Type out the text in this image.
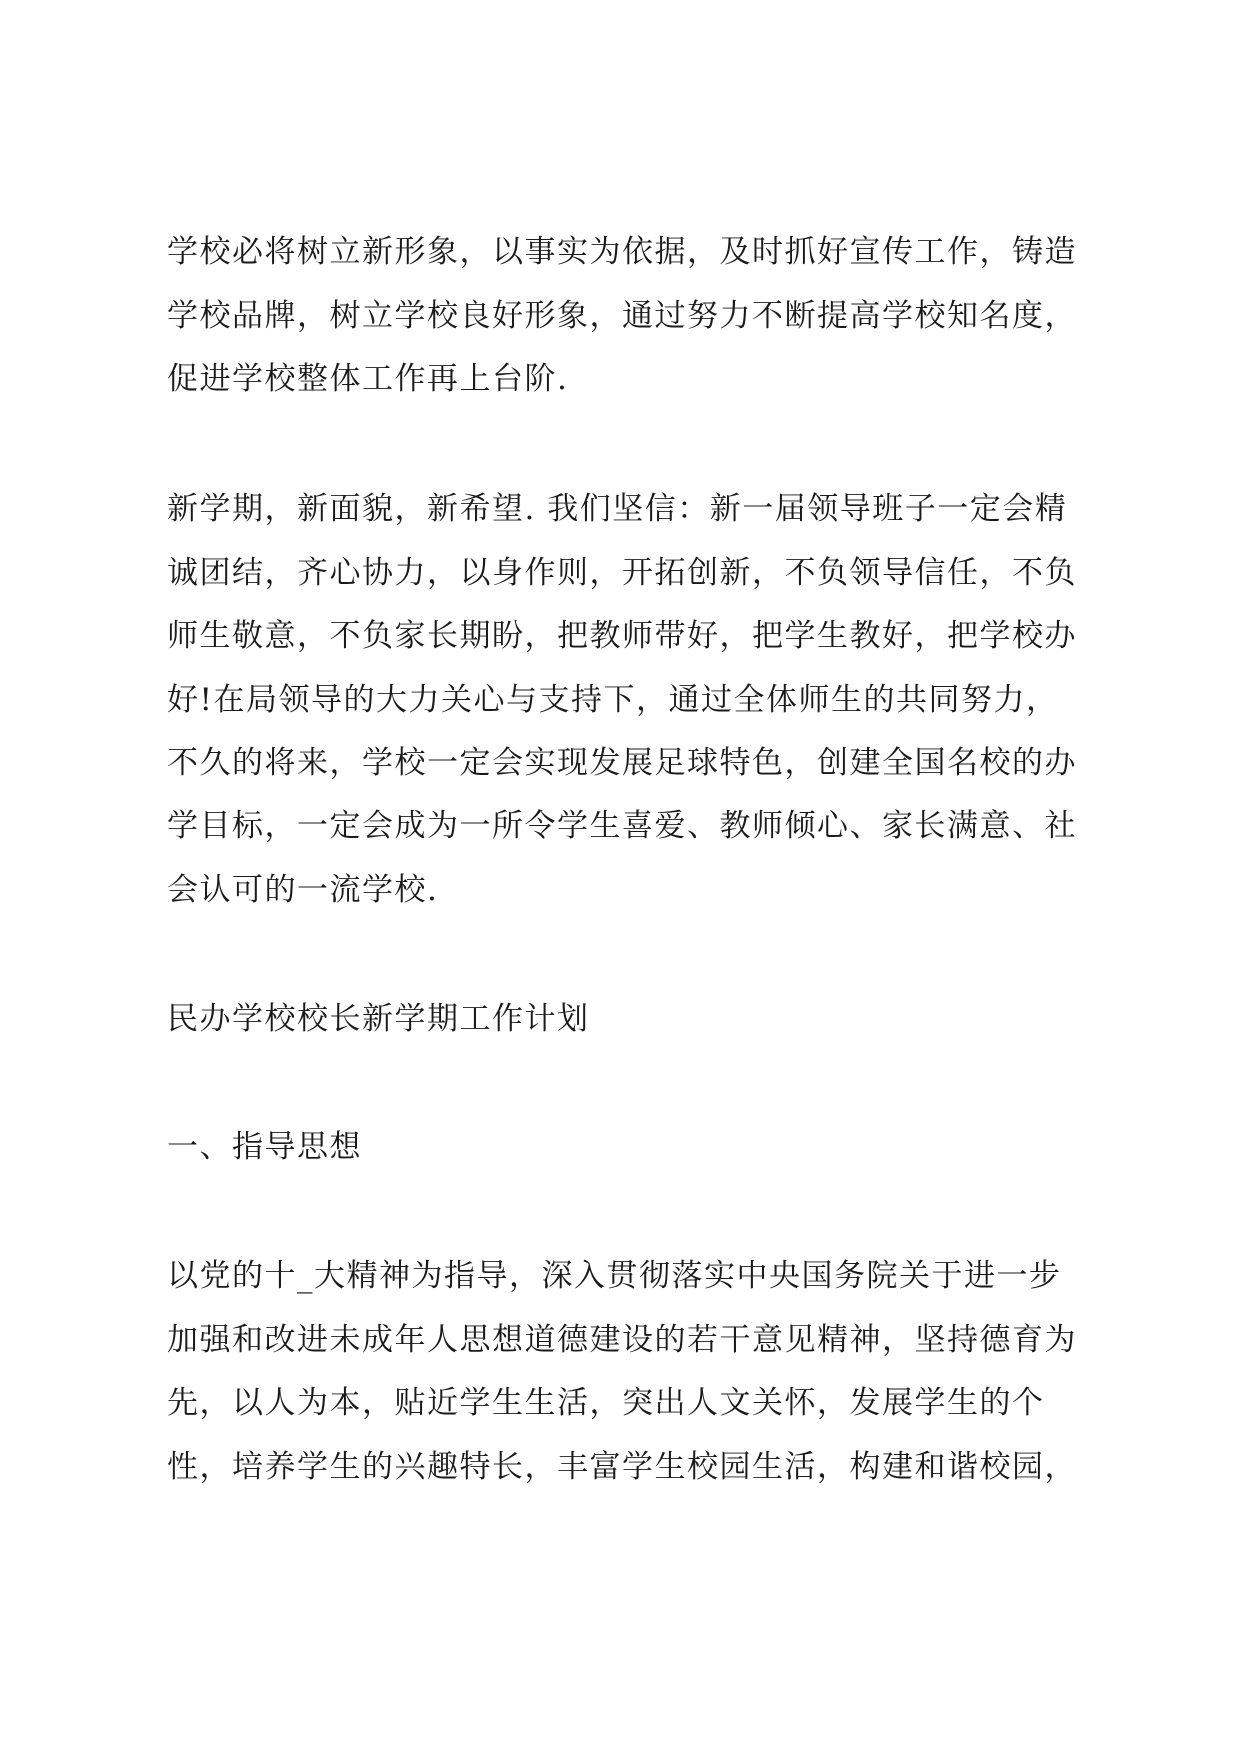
学校必将树立新形象，以事实为依据，及时抓好宣传工作，铸造
学校品牌，树立学校良好形象，通过努力不断提高学校知名度，
促进学校整体工作再上台阶.
新学期，新面貌，新希望. 我们坚信：新一届领导班子一定会精
诚团结，齐心协力，以身作则，开拓创新，不负领导信任，不负
师生敬意，不负家长期盼，把教师带好，把学生教好，把学校办
好!在局领导的大力关心与支持下，通过全体师生的共同努力，
不久的将来，学校一定会实现发展足球特色，创建全国名校的办
学目标，一定会成为一所令学生喜爱、教师倾心、家长满意、社
会认可的一流学校.
民办学校校长新学期工作计划
一、指导思想
以党的十_大精神为指导，深入贯彻落实中央国务院关于进一步
加强和改进未成年人思想道德建设的若干意见精神，坚持德育为
先，以人为本，贴近学生生活，突出人文关怀，发展学生的个
性，培养学生的兴趣特长，丰富学生校园生活，构建和谐校园，
